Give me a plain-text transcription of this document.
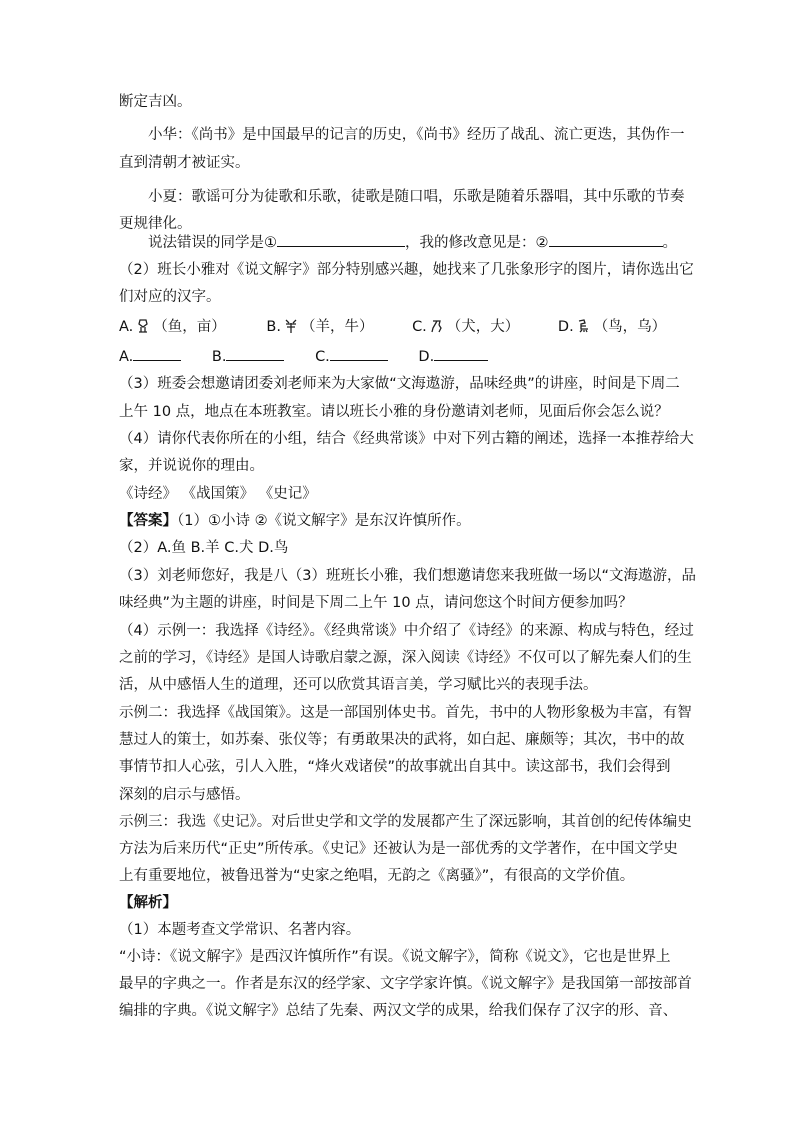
断定吉凶。
小华：《尚书》是中国最早的记言的历史，《尚书》经历了战乱、流亡更迭，其伪作一
直到清朝才被证实。
小夏：歌谣可分为徒歌和乐歌，徒歌是随口唱，乐歌是随着乐器唱，其中乐歌的节奏
更规律化。
说法错误的同学是①	，我的修改意见是：②	。
（2）班长小雅对《说文解字》部分特别感兴趣，她找来了几张象形字的图片，请你选出它
们对应的汉字。
A. （鱼，亩）	B. （羊，牛）	C. （犬，大）	D. （鸟，乌）
A.	B.	C.	D.
（3）班委会想邀请团委刘老师来为大家做“文海遨游，品味经典”的讲座，时间是下周二
上午 10 点，地点在本班教室。请以班长小雅的身份邀请刘老师，见面后你会怎么说？
（4）请你代表你所在的小组，结合《经典常谈》中对下列古籍的阐述，选择一本推荐给大
家，并说说你的理由。
《诗经》 《战国策》 《史记》
【答案】（1）①小诗 ②《说文解字》是东汉许慎所作。
（2）A.鱼 B.羊 C.犬 D.鸟
（3）刘老师您好，我是八（3）班班长小雅，我们想邀请您来我班做一场以“文海遨游，品
味经典”为主题的讲座，时间是下周二上午 10 点，请问您这个时间方便参加吗？
（4）示例一：我选择《诗经》。《经典常谈》中介绍了《诗经》的来源、构成与特色，经过
之前的学习，《诗经》是国人诗歌启蒙之源，深入阅读《诗经》不仅可以了解先秦人们的生
活，从中感悟人生的道理，还可以欣赏其语言美，学习赋比兴的表现手法。
示例二：我选择《战国策》。这是一部国别体史书。首先，书中的人物形象极为丰富，有智
慧过人的策士，如苏秦、张仪等；有勇敢果决的武将，如白起、廉颇等；其次，书中的故
事情节扣人心弦，引人入胜，“烽火戏诸侯”的故事就出自其中。读这部书，我们会得到
深刻的启示与感悟。
示例三：我选《史记》。对后世史学和文学的发展都产生了深远影响，其首创的纪传体编史
方法为后来历代“正史”所传承。《史记》还被认为是一部优秀的文学著作，在中国文学史
上有重要地位，被鲁迅誉为“史家之绝唱，无韵之《离骚》”，有很高的文学价值。
【解析】
（1）本题考查文学常识、名著内容。
“小诗：《说文解字》是西汉许慎所作”有误。《说文解字》，简称《说文》，它也是世界上
最早的字典之一。作者是东汉的经学家、文字学家许慎。《说文解字》是我国第一部按部首
编排的字典。《说文解字》总结了先秦、两汉文学的成果，给我们保存了汉字的形、音、
